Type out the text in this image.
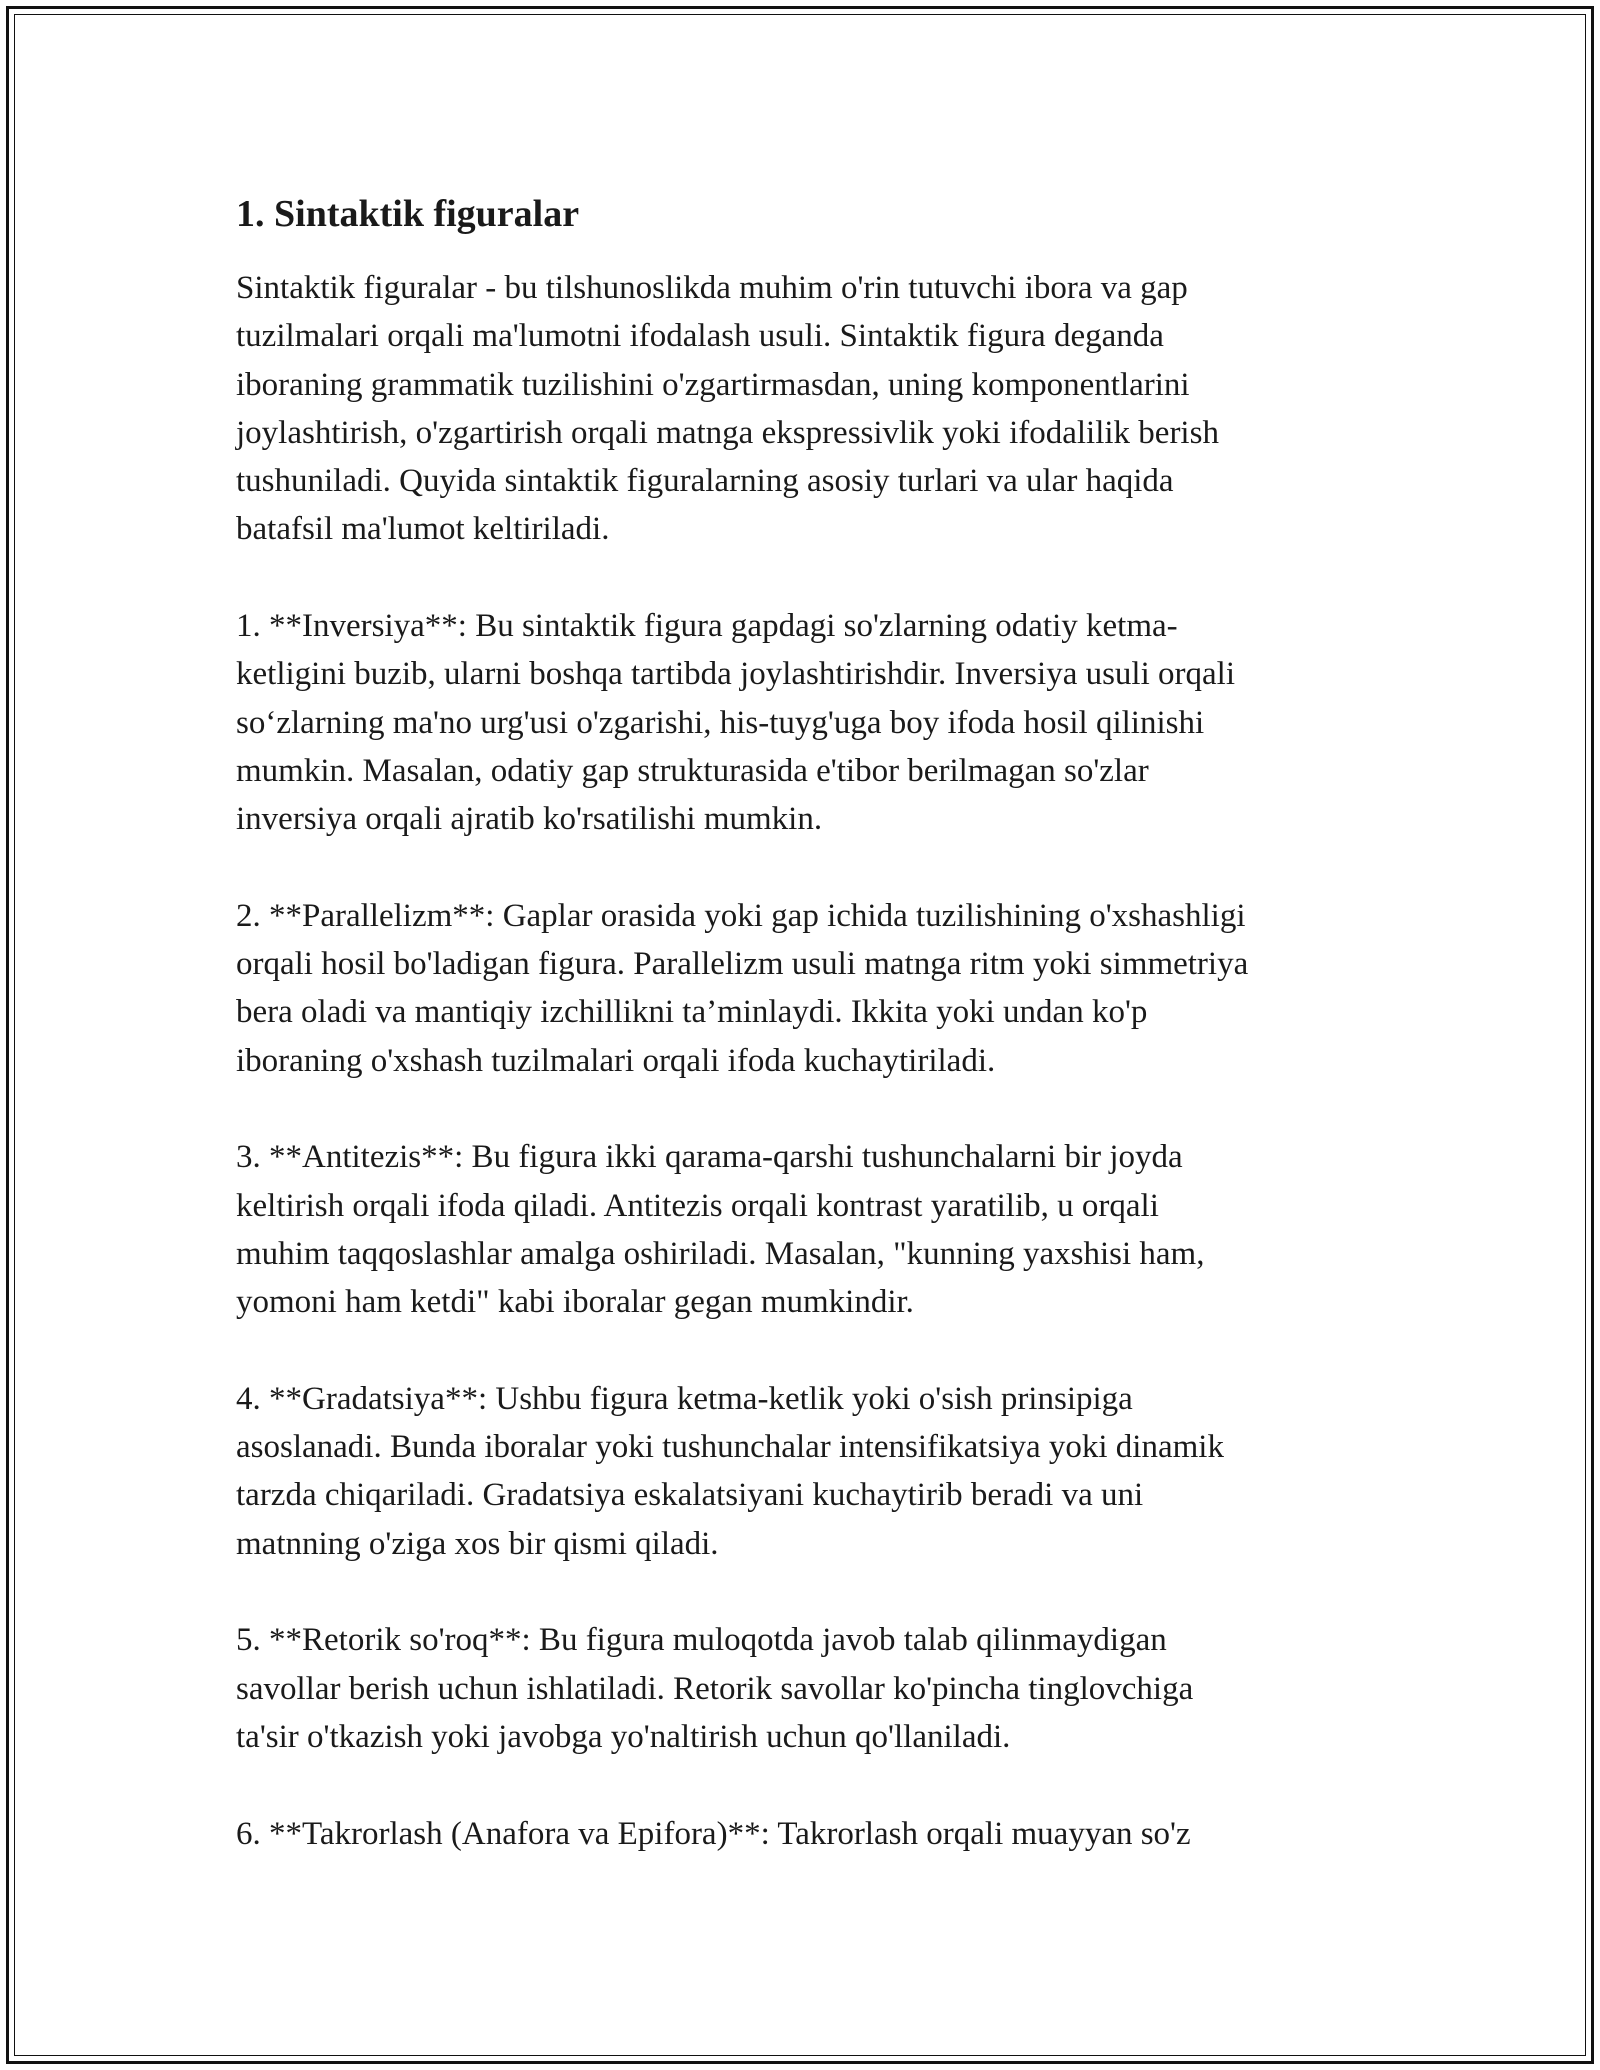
1. Sintaktik figuralar

Sintaktik figuralar - bu tilshunoslikda muhim o'rin tutuvchi ibora va gap
tuzilmalari orqali ma'lumotni ifodalash usuli. Sintaktik figura deganda
iboraning grammatik tuzilishini o'zgartirmasdan, uning komponentlarini
joylashtirish, o'zgartirish orqali matnga ekspressivlik yoki ifodalilik berish
tushuniladi. Quyida sintaktik figuralarning asosiy turlari va ular haqida
batafsil ma'lumot keltiriladi.

1. **Inversiya**: Bu sintaktik figura gapdagi so'zlarning odatiy ketma-
ketligini buzib, ularni boshqa tartibda joylashtirishdir. Inversiya usuli orqali
so‘zlarning ma'no urg'usi o'zgarishi, his-tuyg'uga boy ifoda hosil qilinishi
mumkin. Masalan, odatiy gap strukturasida e'tibor berilmagan so'zlar
inversiya orqali ajratib ko'rsatilishi mumkin.

2. **Parallelizm**: Gaplar orasida yoki gap ichida tuzilishining o'xshashligi
orqali hosil bo'ladigan figura. Parallelizm usuli matnga ritm yoki simmetriya
bera oladi va mantiqiy izchillikni ta’minlaydi. Ikkita yoki undan ko'p
iboraning o'xshash tuzilmalari orqali ifoda kuchaytiriladi.

3. **Antitezis**: Bu figura ikki qarama-qarshi tushunchalarni bir joyda
keltirish orqali ifoda qiladi. Antitezis orqali kontrast yaratilib, u orqali
muhim taqqoslashlar amalga oshiriladi. Masalan, "kunning yaxshisi ham,
yomoni ham ketdi" kabi iboralar gegan mumkindir.

4. **Gradatsiya**: Ushbu figura ketma-ketlik yoki o'sish prinsipiga
asoslanadi. Bunda iboralar yoki tushunchalar intensifikatsiya yoki dinamik
tarzda chiqariladi. Gradatsiya eskalatsiyani kuchaytirib beradi va uni
matnning o'ziga xos bir qismi qiladi.

5. **Retorik so'roq**: Bu figura muloqotda javob talab qilinmaydigan
savollar berish uchun ishlatiladi. Retorik savollar ko'pincha tinglovchiga
ta'sir o'tkazish yoki javobga yo'naltirish uchun qo'llaniladi.

6. **Takrorlash (Anafora va Epifora)**: Takrorlash orqali muayyan so'z
